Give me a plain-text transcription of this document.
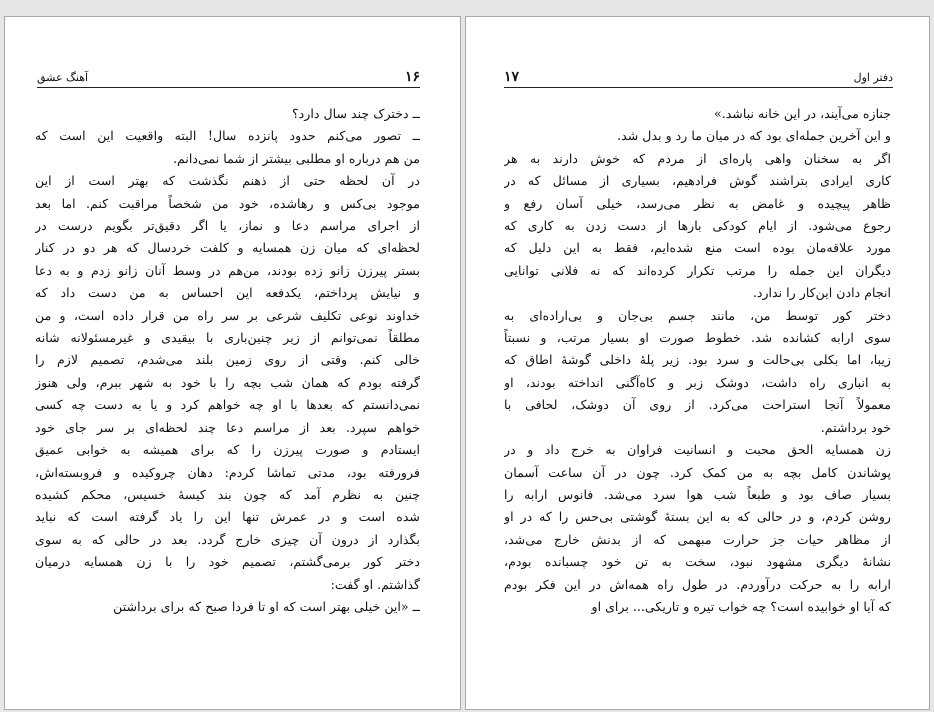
۱۶
آهنگ عشق
ــ دخترک چند سال دارد؟
ــ تصور می‌کنم حدود پانزده سال! البته واقعیت این است که
من هم درباره او مطلبی بیشتر از شما نمی‌دانم.
در آن لحظه حتی از ذهنم نگذشت که بهتر است از این
موجود بی‌کس و رهاشده، خود من شخصاً مراقبت کنم. اما بعد
از اجرای مراسم دعا و نماز، یا اگر دقیق‌تر بگویم درست در
لحظه‌ای که میان زن همسایه و کلفت خردسال که هر دو در کنار
بستر پیرزن زانو زده بودند، من‌هم در وسط آنان زانو زدم و به دعا
و نیایش پرداختم، یکدفعه این احساس به من دست داد که
خداوند نوعی تکلیف شرعی بر سر راه من قرار داده است، و من
مطلقاً نمی‌توانم از زیر چنین‌باری با بیقیدی و غیرمسئولانه شانه
خالی کنم. وقتی از روی زمین بلند می‌شدم، تصمیم لازم را
گرفته بودم که همان شب بچه را با خود به شهر ببرم، ولی هنوز
نمی‌دانستم که بعدها با او چه خواهم کرد و یا به دست چه کسی
خواهم سپرد. بعد از مراسم دعا چند لحظه‌ای بر سر جای خود
ایستادم و صورت پیرزن را که برای همیشه به خوابی عمیق
فرورفته بود، مدتی تماشا کردم: دهان چروکیده و فروبسته‌اش،
چنین به نظرم آمد که چون بند کیسهٔ خسیس، محکم کشیده
شده است و در عمرش تنها این را یاد گرفته است که نباید
بگذارد از درون آن چیزی خارج گردد. بعد در حالی که به سوی
دختر کور برمی‌گشتم، تصمیم خود را با زن همسایه درمیان
گذاشتم. او گفت:
ــ «این خیلی بهتر است که او تا فردا صبح که برای برداشتن
دفتر اول
۱۷
جنازه می‌آیند، در این خانه نباشد.»
و این آخرین جمله‌ای بود که در میان ما رد و بدل شد.
اگر به سخنان واهی پاره‌ای از مردم که خوش دارند به هر
کاری ایرادی بتراشند گوش فرادهیم، بسیاری از مسائل که در
ظاهر پیچیده و غامض به نظر می‌رسد، خیلی آسان رفع و
رجوع می‌شود. از ایام کودکی بارها از دست زدن به کاری که
مورد علاقه‌مان بوده است منع شده‌ایم، فقط به این دلیل که
دیگران این جمله را مرتب تکرار کرده‌اند که نه فلانی توانایی
انجام دادن این‌کار را ندارد.
دختر کور توسط من، مانند جسم بی‌جان و بی‌اراده‌ای به
سوی ارابه کشانده شد. خطوط صورت او بسیار مرتب، و نسبتاً
زیبا، اما بکلی بی‌حالت و سرد بود. زیر پلهٔ داخلی گوشهٔ اطاق که
به انباری راه داشت، دوشک زبر و کاه‌آگنی انداخته بودند، او
معمولاً آنجا استراحت می‌کرد. از روی آن دوشک، لحافی با
خود برداشتم.
زن همسایه الحق محبت و انسانیت فراوان به خرج داد و در
پوشاندن کامل بچه به من کمک کرد. چون در آن ساعت آسمان
بسیار صاف بود و طبعاً شب هوا سرد می‌شد. فانوس ارابه را
روشن کردم، و در حالی که به این بستهٔ گوشتی بی‌حس را که در او
از مظاهر حیات جز حرارت مبهمی که از بدنش خارج می‌شد،
نشانهٔ دیگری مشهود نبود، سخت به تن خود چسبانده بودم،
ارابه را به حرکت درآوردم. در طول راه همه‌اش در این فکر بودم
که آیا او خوابیده است؟ چه خواب تیره و تاریکی... برای او
